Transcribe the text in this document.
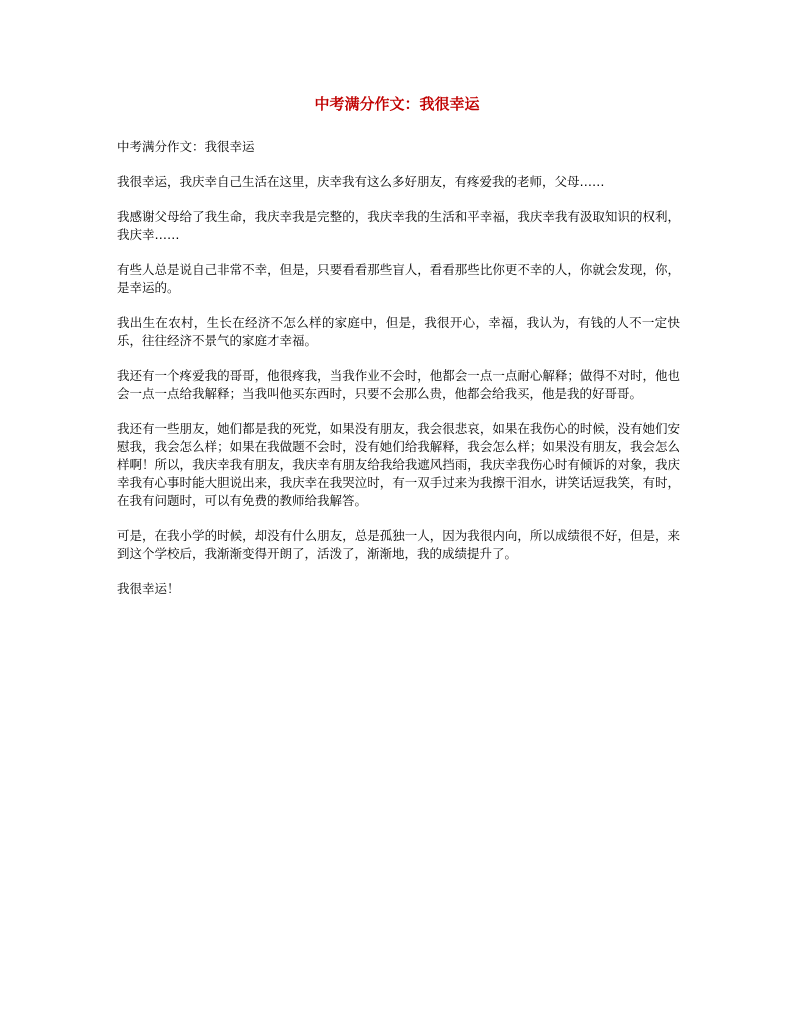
中考满分作文：我很幸运

中考满分作文：我很幸运

我很幸运，我庆幸自己生活在这里，庆幸我有这么多好朋友，有疼爱我的老师，父母……

我感谢父母给了我生命，我庆幸我是完整的，我庆幸我的生活和平幸福，我庆幸我有汲取知识的权利，我庆幸……

有些人总是说自己非常不幸，但是，只要看看那些盲人，看看那些比你更不幸的人，你就会发现，你，是幸运的。

我出生在农村，生长在经济不怎么样的家庭中，但是，我很开心，幸福，我认为，有钱的人不一定快乐，往往经济不景气的家庭才幸福。

我还有一个疼爱我的哥哥，他很疼我，当我作业不会时，他都会一点一点耐心解释；做得不对时，他也会一点一点给我解释；当我叫他买东西时，只要不会那么贵，他都会给我买，他是我的好哥哥。

我还有一些朋友，她们都是我的死党，如果没有朋友，我会很悲哀，如果在我伤心的时候，没有她们安慰我，我会怎么样；如果在我做题不会时，没有她们给我解释，我会怎么样；如果没有朋友，我会怎么样啊！所以，我庆幸我有朋友，我庆幸有朋友给我给我遮风挡雨，我庆幸我伤心时有倾诉的对象，我庆幸我有心事时能大胆说出来，我庆幸在我哭泣时，有一双手过来为我擦干泪水，讲笑话逗我笑，有时，在我有问题时，可以有免费的教师给我解答。

可是，在我小学的时候，却没有什么朋友，总是孤独一人，因为我很内向，所以成绩很不好，但是，来到这个学校后，我渐渐变得开朗了，活泼了，渐渐地，我的成绩提升了。

我很幸运！
